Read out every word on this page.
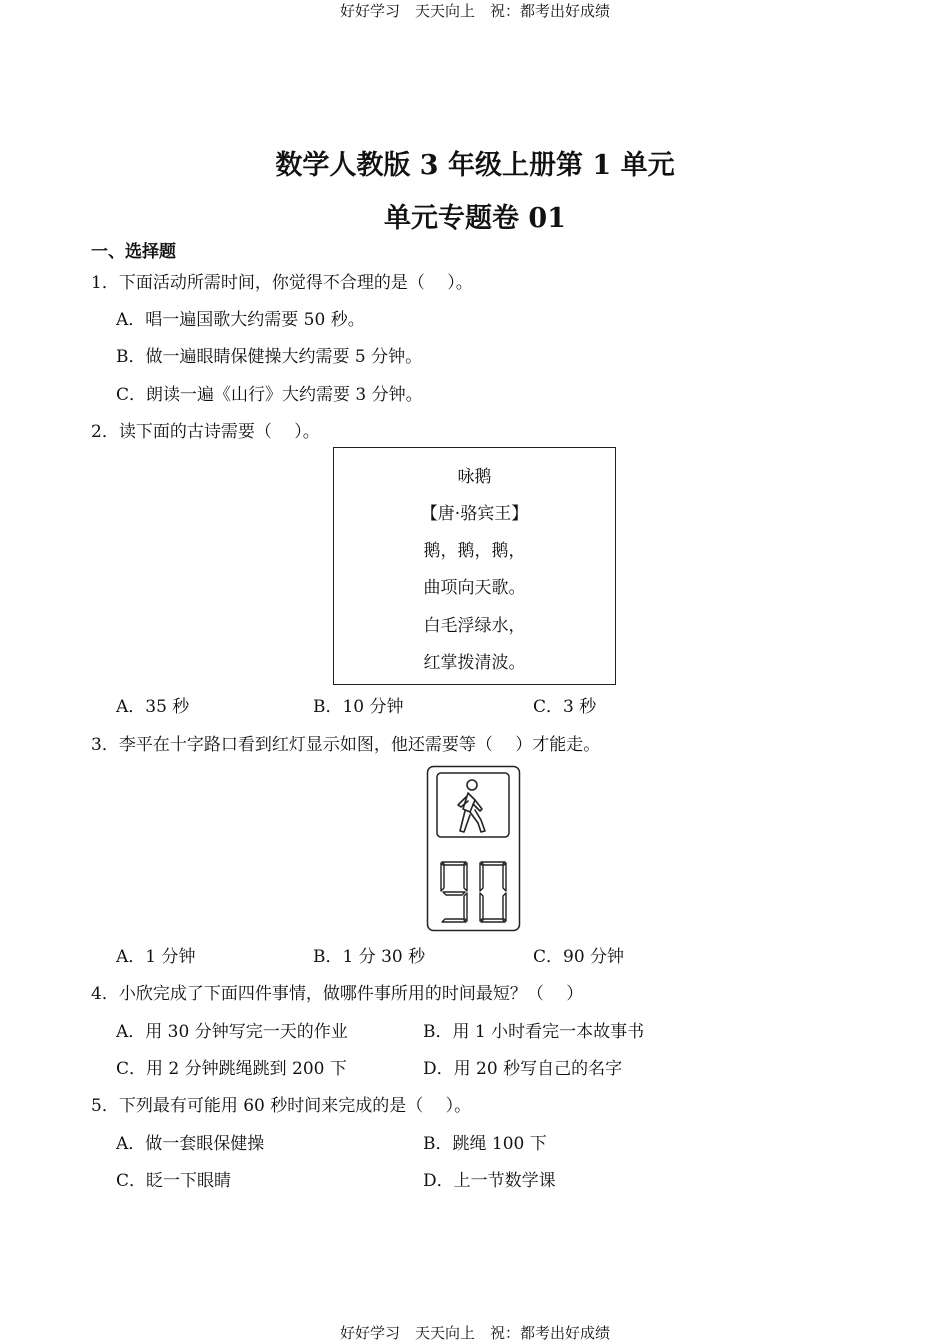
好好学习　天天向上　祝：都考出好成绩
数学人教版 3 年级上册第 1 单元
单元专题卷 01
一、选择题
1．下面活动所需时间，你觉得不合理的是（　 ）。
A．唱一遍国歌大约需要 50 秒。
B．做一遍眼睛保健操大约需要 5 分钟。
C．朗读一遍《山行》大约需要 3 分钟。
2．读下面的古诗需要（　 ）。
咏鹅
【唐·骆宾王】
鹅，鹅，鹅，
曲项向天歌。
白毛浮绿水，
红掌拨清波。
A．35 秒	B．10 分钟	C．3 秒
3．李平在十字路口看到红灯显示如图，他还需要等（　 ）才能走。
A．1 分钟	B．1 分 30 秒	C．90 分钟
4．小欣完成了下面四件事情，做哪件事所用的时间最短？（　 ）
A．用 30 分钟写完一天的作业	B．用 1 小时看完一本故事书
C．用 2 分钟跳绳跳到 200 下	D．用 20 秒写自己的名字
5．下列最有可能用 60 秒时间来完成的是（　 ）。
A．做一套眼保健操	B．跳绳 100 下
C．眨一下眼睛	D．上一节数学课
好好学习　天天向上　祝：都考出好成绩
